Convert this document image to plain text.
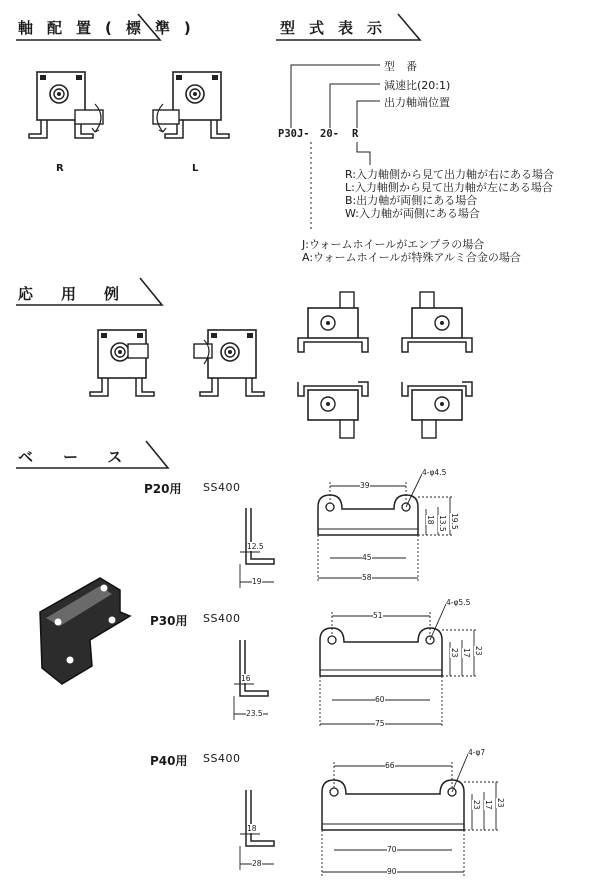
軸配置(標準)	型式表示
応用例
ベース
R	L
P30J- 20- R
型　番
減速比(20:1)
出力軸端位置
R:入力軸側から見て出力軸が右にある場合
L:入力軸側から見て出力軸が左にある場合
B:出力軸が両側にある場合
W:入力軸が両側にある場合
J:ウォームホイールがエンプラの場合
A:ウォームホイールが特殊アルミ合金の場合
P20用 SS400
P30用 SS400
P40用 SS400
12.5
19
39
4-φ4.5
45
58
18 13.5 19.5
16
23.5
51
4-φ5.5
60
75
23 17 23
18
28
66
4-φ7
70
90
23 17 23
